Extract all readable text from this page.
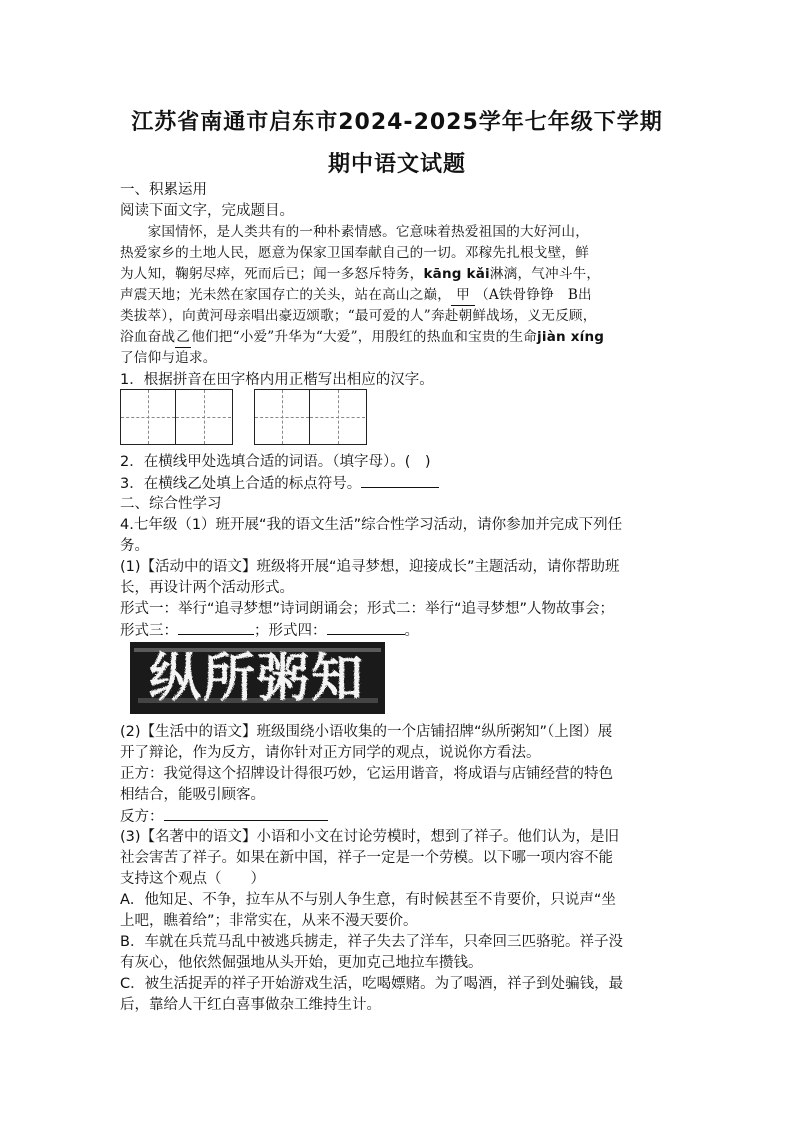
江苏省南通市启东市2024-2025学年七年级下学期
期中语文试题
一、积累运用
阅读下面文字，完成题目。
　　家国情怀，是人类共有的一种朴素情感。它意味着热爱祖国的大好河山，
热爱家乡的土地人民，愿意为保家卫国奉献自己的一切。邓稼先扎根戈壁，鲜
为人知，鞠躬尽瘁，死而后已；闻一多怒斥特务，kāng kǎi淋漓，气冲斗牛，
声震天地；光未然在家国存亡的关头，站在高山之巅， 甲 （A铁骨铮铮　B出
类拔萃），向黄河母亲唱出豪迈颂歌；“最可爱的人”奔赴朝鲜战场，义无反顾，
浴血奋战乙他们把“小爱”升华为“大爱”，用殷红的热血和宝贵的生命jiàn xíng
了信仰与追求。
1．根据拼音在田字格内用正楷写出相应的汉字。
2．在横线甲处选填合适的词语。（填字母）。(　)
3．在横线乙处填上合适的标点符号。
二、综合性学习
4.七年级（1）班开展“我的语文生活”综合性学习活动，请你参加并完成下列任
务。
(1)【活动中的语文】班级将开展“追寻梦想，迎接成长”主题活动，请你帮助班
长，再设计两个活动形式。
形式一：举行“追寻梦想”诗词朗诵会；形式二：举行“追寻梦想”人物故事会；
形式三：	；形式四：	。
纵所粥知
(2)【生活中的语文】班级围绕小语收集的一个店铺招牌“纵所粥知”（上图）展
开了辩论，作为反方，请你针对正方同学的观点，说说你方看法。
正方：我觉得这个招牌设计得很巧妙，它运用谐音，将成语与店铺经营的特色
相结合，能吸引顾客。
反方：
(3)【名著中的语文】小语和小文在讨论劳模时，想到了祥子。他们认为，是旧
社会害苦了祥子。如果在新中国，祥子一定是一个劳模。以下哪一项内容不能
支持这个观点（　　）
A．他知足、不争，拉车从不与别人争生意，有时候甚至不肯要价，只说声“坐
上吧，瞧着给”；非常实在，从来不漫天要价。
B．车就在兵荒马乱中被逃兵掳走，祥子失去了洋车，只牵回三匹骆驼。祥子没
有灰心，他依然倔强地从头开始，更加克己地拉车攒钱。
C．被生活捉弄的祥子开始游戏生活，吃喝嫖赌。为了喝酒，祥子到处骗钱，最
后，靠给人干红白喜事做杂工维持生计。
